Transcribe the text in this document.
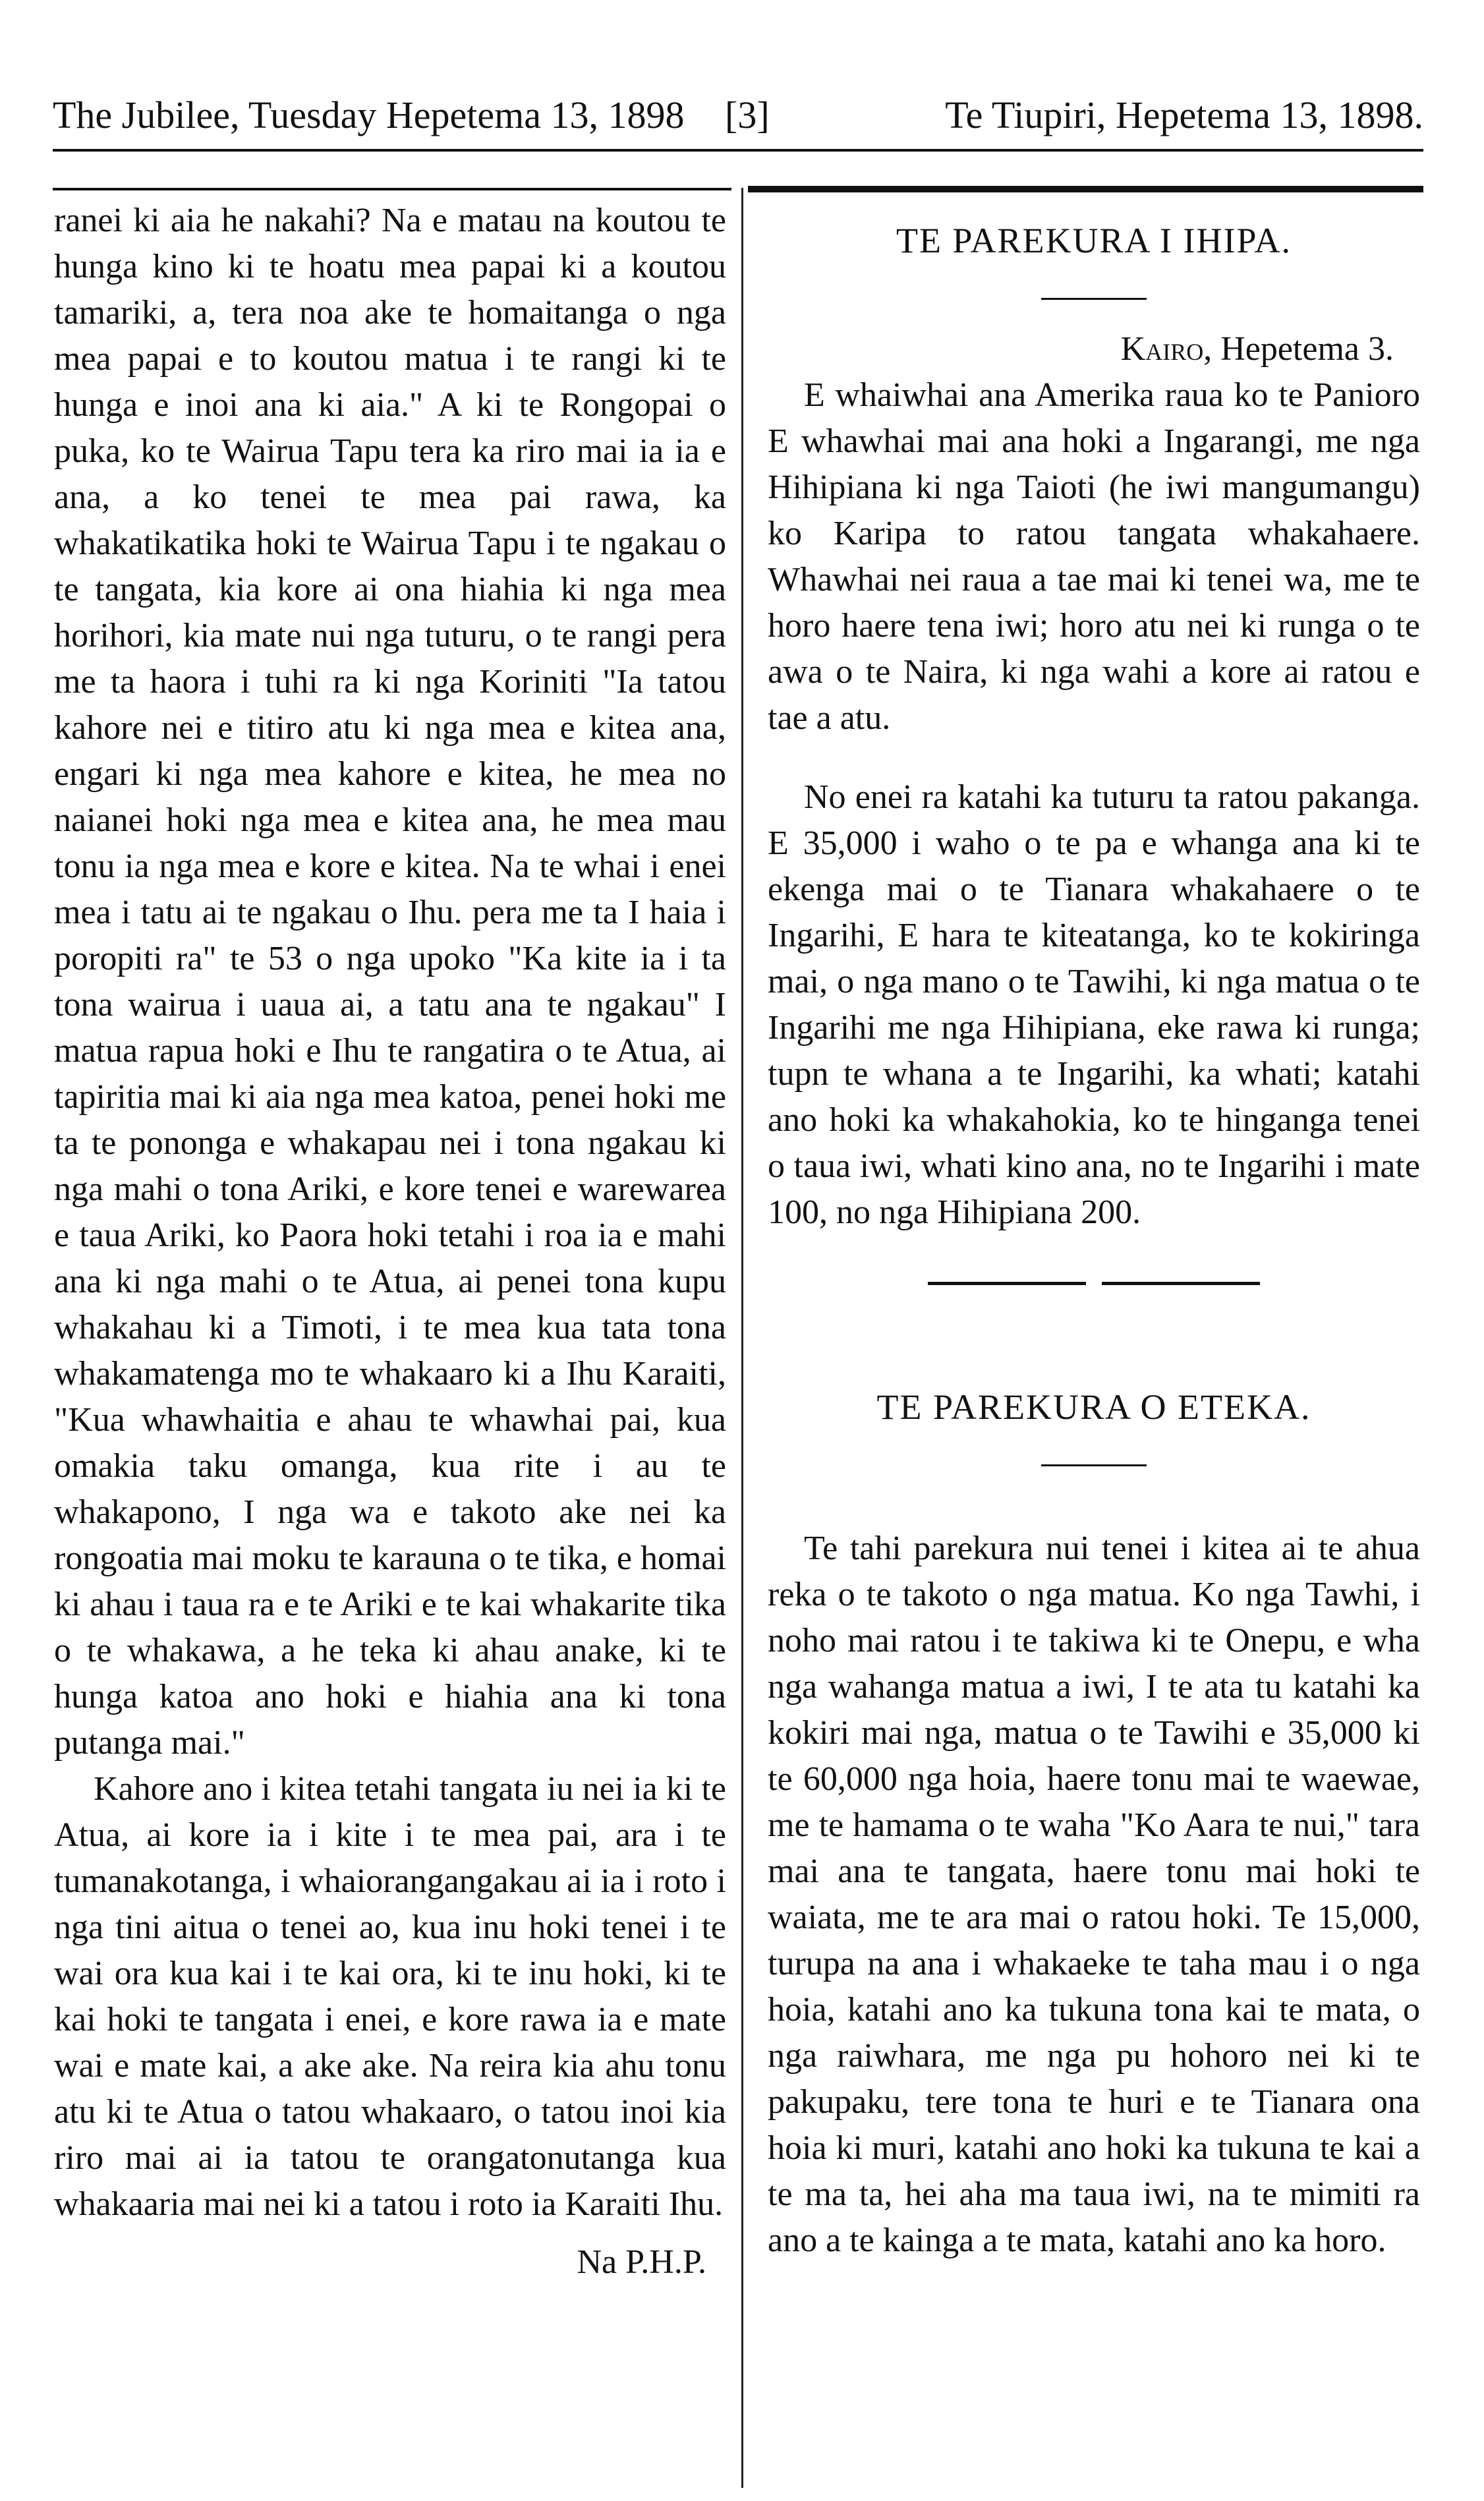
The Jubilee, Tuesday Hepetema 13, 1898 [3]	Te Tiupiri, Hepetema 13, 1898.

ranei ki aia he nakahi? Na e matau na koutou te hunga kino ki te hoatu mea papai ki a koutou tamariki, a, tera noa ake te homaitanga o nga mea papai e to koutou matua i te rangi ki te hunga e inoi ana ki aia." A ki te Rongopai o puka, ko te Wairua Tapu tera ka riro mai ia ia e ana, a ko tenei te mea pai rawa, ka whakatikatika hoki te Wairua Tapu i te ngakau o te tangata, kia kore ai ona hiahia ki nga mea horihori, kia mate nui nga tuturu, o te rangi pera me ta haora i tuhi ra ki nga Koriniti "Ia tatou kahore nei e titiro atu ki nga mea e kitea ana, engari ki nga mea kahore e kitea, he mea no naianei hoki nga mea e kitea ana, he mea mau tonu ia nga mea e kore e kitea. Na te whai i enei mea i tatu ai te ngakau o Ihu. pera me ta I haia i poropiti ra" te 53 o nga upoko "Ka kite ia i ta tona wairua i uaua ai, a tatu ana te ngakau" I matua rapua hoki e Ihu te rangatira o te Atua, ai tapiritia mai ki aia nga mea katoa, penei hoki me ta te pononga e whakapau nei i tona ngakau ki nga mahi o tona Ariki, e kore tenei e warewarea e taua Ariki, ko Paora hoki tetahi i roa ia e mahi ana ki nga mahi o te Atua, ai penei tona kupu whakahau ki a Timoti, i te mea kua tata tona whakamatenga mo te whakaaro ki a Ihu Karaiti, "Kua whawhaitia e ahau te whawhai pai, kua omakia taku omanga, kua rite i au te whakapono, I nga wa e takoto ake nei ka rongoatia mai moku te karauna o te tika, e homai ki ahau i taua ra e te Ariki e te kai whakarite tika o te whakawa, a he teka ki ahau anake, ki te hunga katoa ano hoki e hiahia ana ki tona putanga mai."

Kahore ano i kitea tetahi tangata iu nei ia ki te Atua, ai kore ia i kite i te mea pai, ara i te tumanakotanga, i whaiorangangakau ai ia i roto i nga tini aitua o tenei ao, kua inu hoki tenei i te wai ora kua kai i te kai ora, ki te inu hoki, ki te kai hoki te tangata i enei, e kore rawa ia e mate wai e mate kai, a ake ake. Na reira kia ahu tonu atu ki te Atua o tatou whakaaro, o tatou inoi kia riro mai ai ia tatou te orangatonutanga kua whakaaria mai nei ki a tatou i roto ia Karaiti Ihu.

Na P.H.P.

TE PAREKURA I IHIPA.

Kairo, Hepetema 3.

E whaiwhai ana Amerika raua ko te Panioro E whawhai mai ana hoki a Ingarangi, me nga Hihipiana ki nga Taioti (he iwi mangumangu) ko Karipa to ratou tangata whakahaere. Whawhai nei raua a tae mai ki tenei wa, me te horo haere tena iwi; horo atu nei ki runga o te awa o te Naira, ki nga wahi a kore ai ratou e tae a atu.

No enei ra katahi ka tuturu ta ratou pakanga. E 35,000 i waho o te pa e whanga ana ki te ekenga mai o te Tianara whakahaere o te Ingarihi, E hara te kiteatanga, ko te kokiringa mai, o nga mano o te Tawihi, ki nga matua o te Ingarihi me nga Hihipiana, eke rawa ki runga; tupn te whana a te Ingarihi, ka whati; katahi ano hoki ka whakahokia, ko te hinganga tenei o taua iwi, whati kino ana, no te Ingarihi i mate 100, no nga Hihipiana 200.

TE PAREKURA O ETEKA.

Te tahi parekura nui tenei i kitea ai te ahua reka o te takoto o nga matua. Ko nga Tawhi, i noho mai ratou i te takiwa ki te Onepu, e wha nga wahanga matua a iwi, I te ata tu katahi ka kokiri mai nga, matua o te Tawihi e 35,000 ki te 60,000 nga hoia, haere tonu mai te waewae, me te hamama o te waha "Ko Aara te nui," tara mai ana te tangata, haere tonu mai hoki te waiata, me te ara mai o ratou hoki. Te 15,000, turupa na ana i whakaeke te taha mau i o nga hoia, katahi ano ka tukuna tona kai te mata, o nga raiwhara, me nga pu hohoro nei ki te pakupaku, tere tona te huri e te Tianara ona hoia ki muri, katahi ano hoki ka tukuna te kai a te ma ta, hei aha ma taua iwi, na te mimiti ra ano a te kainga a te mata, katahi ano ka horo.
